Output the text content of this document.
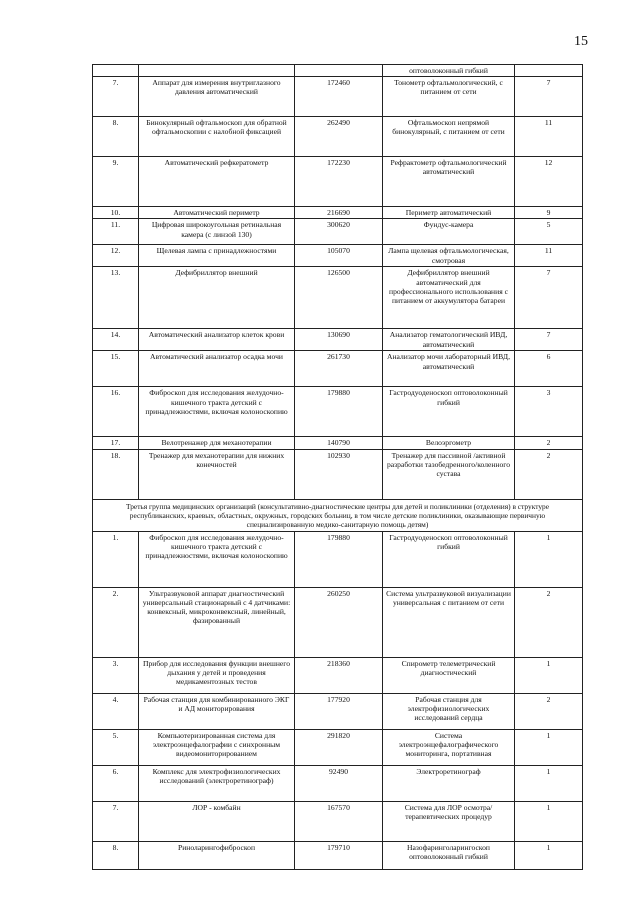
15
			оптоволоконный гибкий	
7.	Аппарат для измерения внутриглазного давления автоматический	172460	Тонометр офтальмологический, с питанием от сети	7
8.	Бинокулярный офтальмоскоп для обратной офтальмоскопии с налобной фиксацией	262490	Офтальмоскоп непрямой бинокулярный, с питанием от сети	11
9.	Автоматический рефкератометр	172230	Рефрактометр офтальмологический автоматический	12
10.	Автоматический периметр	216690	Периметр автоматический	9
11.	Цифровая широкоугольная ретинальная камера (с линзой 130)	300620	Фундус-камера	5
12.	Щелевая лампа с принадлежностями	105070	Лампа щелевая офтальмологическая, смотровая	11
13.	Дефибриллятор внешний	126500	Дефибриллятор внешний автоматический для профессионального использования с питанием от аккумулятора батареи	7
14.	Автоматический анализатор клеток крови	130690	Анализатор гематологический ИВД, автоматический	7
15.	Автоматический анализатор осадка мочи	261730	Анализатор мочи лабораторный ИВД, автоматический	6
16.	Фиброскоп для исследования желудочно-кишечного тракта детский с принадлежностями, включая колоноскопию	179880	Гастродуоденоскоп оптоволоконный гибкий	3
17.	Велотренажер для механотерапии	140790	Велоэргометр	2
18.	Тренажер для механотерапии для нижних конечностей	102930	Тренажер для пассивной /активной разработки тазобедренного/коленного сустава	2
Третья группа медицинских организаций (консультативно-диагностические центры для детей и поликлиники (отделения) в структуре республиканских, краевых, областных, окружных, городских больниц, в том числе детские поликлиники, оказывающие первичную специализированную медико-санитарную помощь детям)				
1.	Фиброскоп для исследования желудочно-кишечного тракта детский с принадлежностями, включая колоноскопию	179880	Гастродуоденоскоп оптоволоконный гибкий	1
2.	Ультразвуковой аппарат диагностический универсальный стационарный с 4 датчиками: конвексный, микроконвексный, линейный, фазированный	260250	Система ультразвуковой визуализации универсальная с питанием от сети	2
3.	Прибор для исследования функции внешнего дыхания у детей и проведения медикаментозных тестов	218360	Спирометр телеметрический диагностический	1
4.	Рабочая станция для комбинированного ЭКГ и АД мониторирования	177920	Рабочая станция для электрофизиологических исследований сердца	2
5.	Компьютеризированная система для электроэнцефалографии с синхронным видеомониторированием	291820	Система электроэнцефалографического мониторинга, портативная	1
6.	Комплекс для электрофизиологических исследований (электроретинограф)	92490	Электроретинограф	1
7.	ЛОР - комбайн	167570	Система для ЛОР осмотра/терапевтических процедур	1
8.	Риноларингофиброскоп	179710	Назофаринголарингоскоп оптоволоконный гибкий	1
